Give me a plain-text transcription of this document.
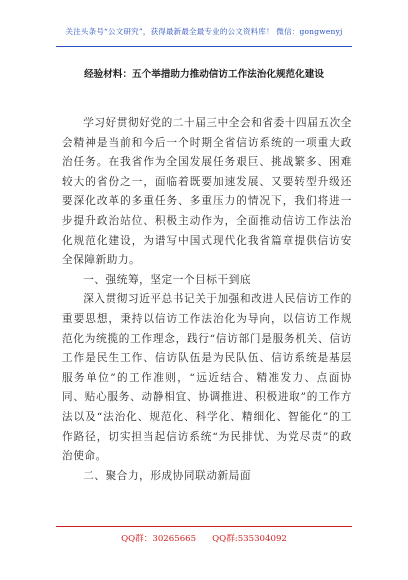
关注头条号“公文研究”，获得最新最全最专业的公文资料库！ 微信：gongwenyj
经验材料：五个举措助力推动信访工作法治化规范化建设

学习好贯彻好党的二十届三中全会和省委十四届五次全会精神是当前和今后一个时期全省信访系统的一项重大政治任务。在我省作为全国发展任务艰巨、挑战繁多、困难较大的省份之一，面临着既要加速发展、又要转型升级还要深化改革的多重任务、多重压力的情况下，我们将进一步提升政治站位、积极主动作为，全面推动信访工作法治化规范化建设，为谱写中国式现代化我省篇章提供信访安全保障新助力。

一、强统筹，坚定一个目标干到底

深入贯彻习近平总书记关于加强和改进人民信访工作的重要思想，秉持以信访工作法治化为导向，以信访工作规范化为统揽的工作理念，践行“信访部门是服务机关、信访工作是民生工作、信访队伍是为民队伍、信访系统是基层服务单位”的工作准则，“远近结合、精准发力、点面协同、贴心服务、动静相宜、协调推进、积极进取”的工作方法以及“法治化、规范化、科学化、精细化、智能化”的工作路径，切实担当起信访系统“为民排忧、为党尽责”的政治使命。

二、聚合力，形成协同联动新局面

QQ群：30265665 QQ群:535304092
